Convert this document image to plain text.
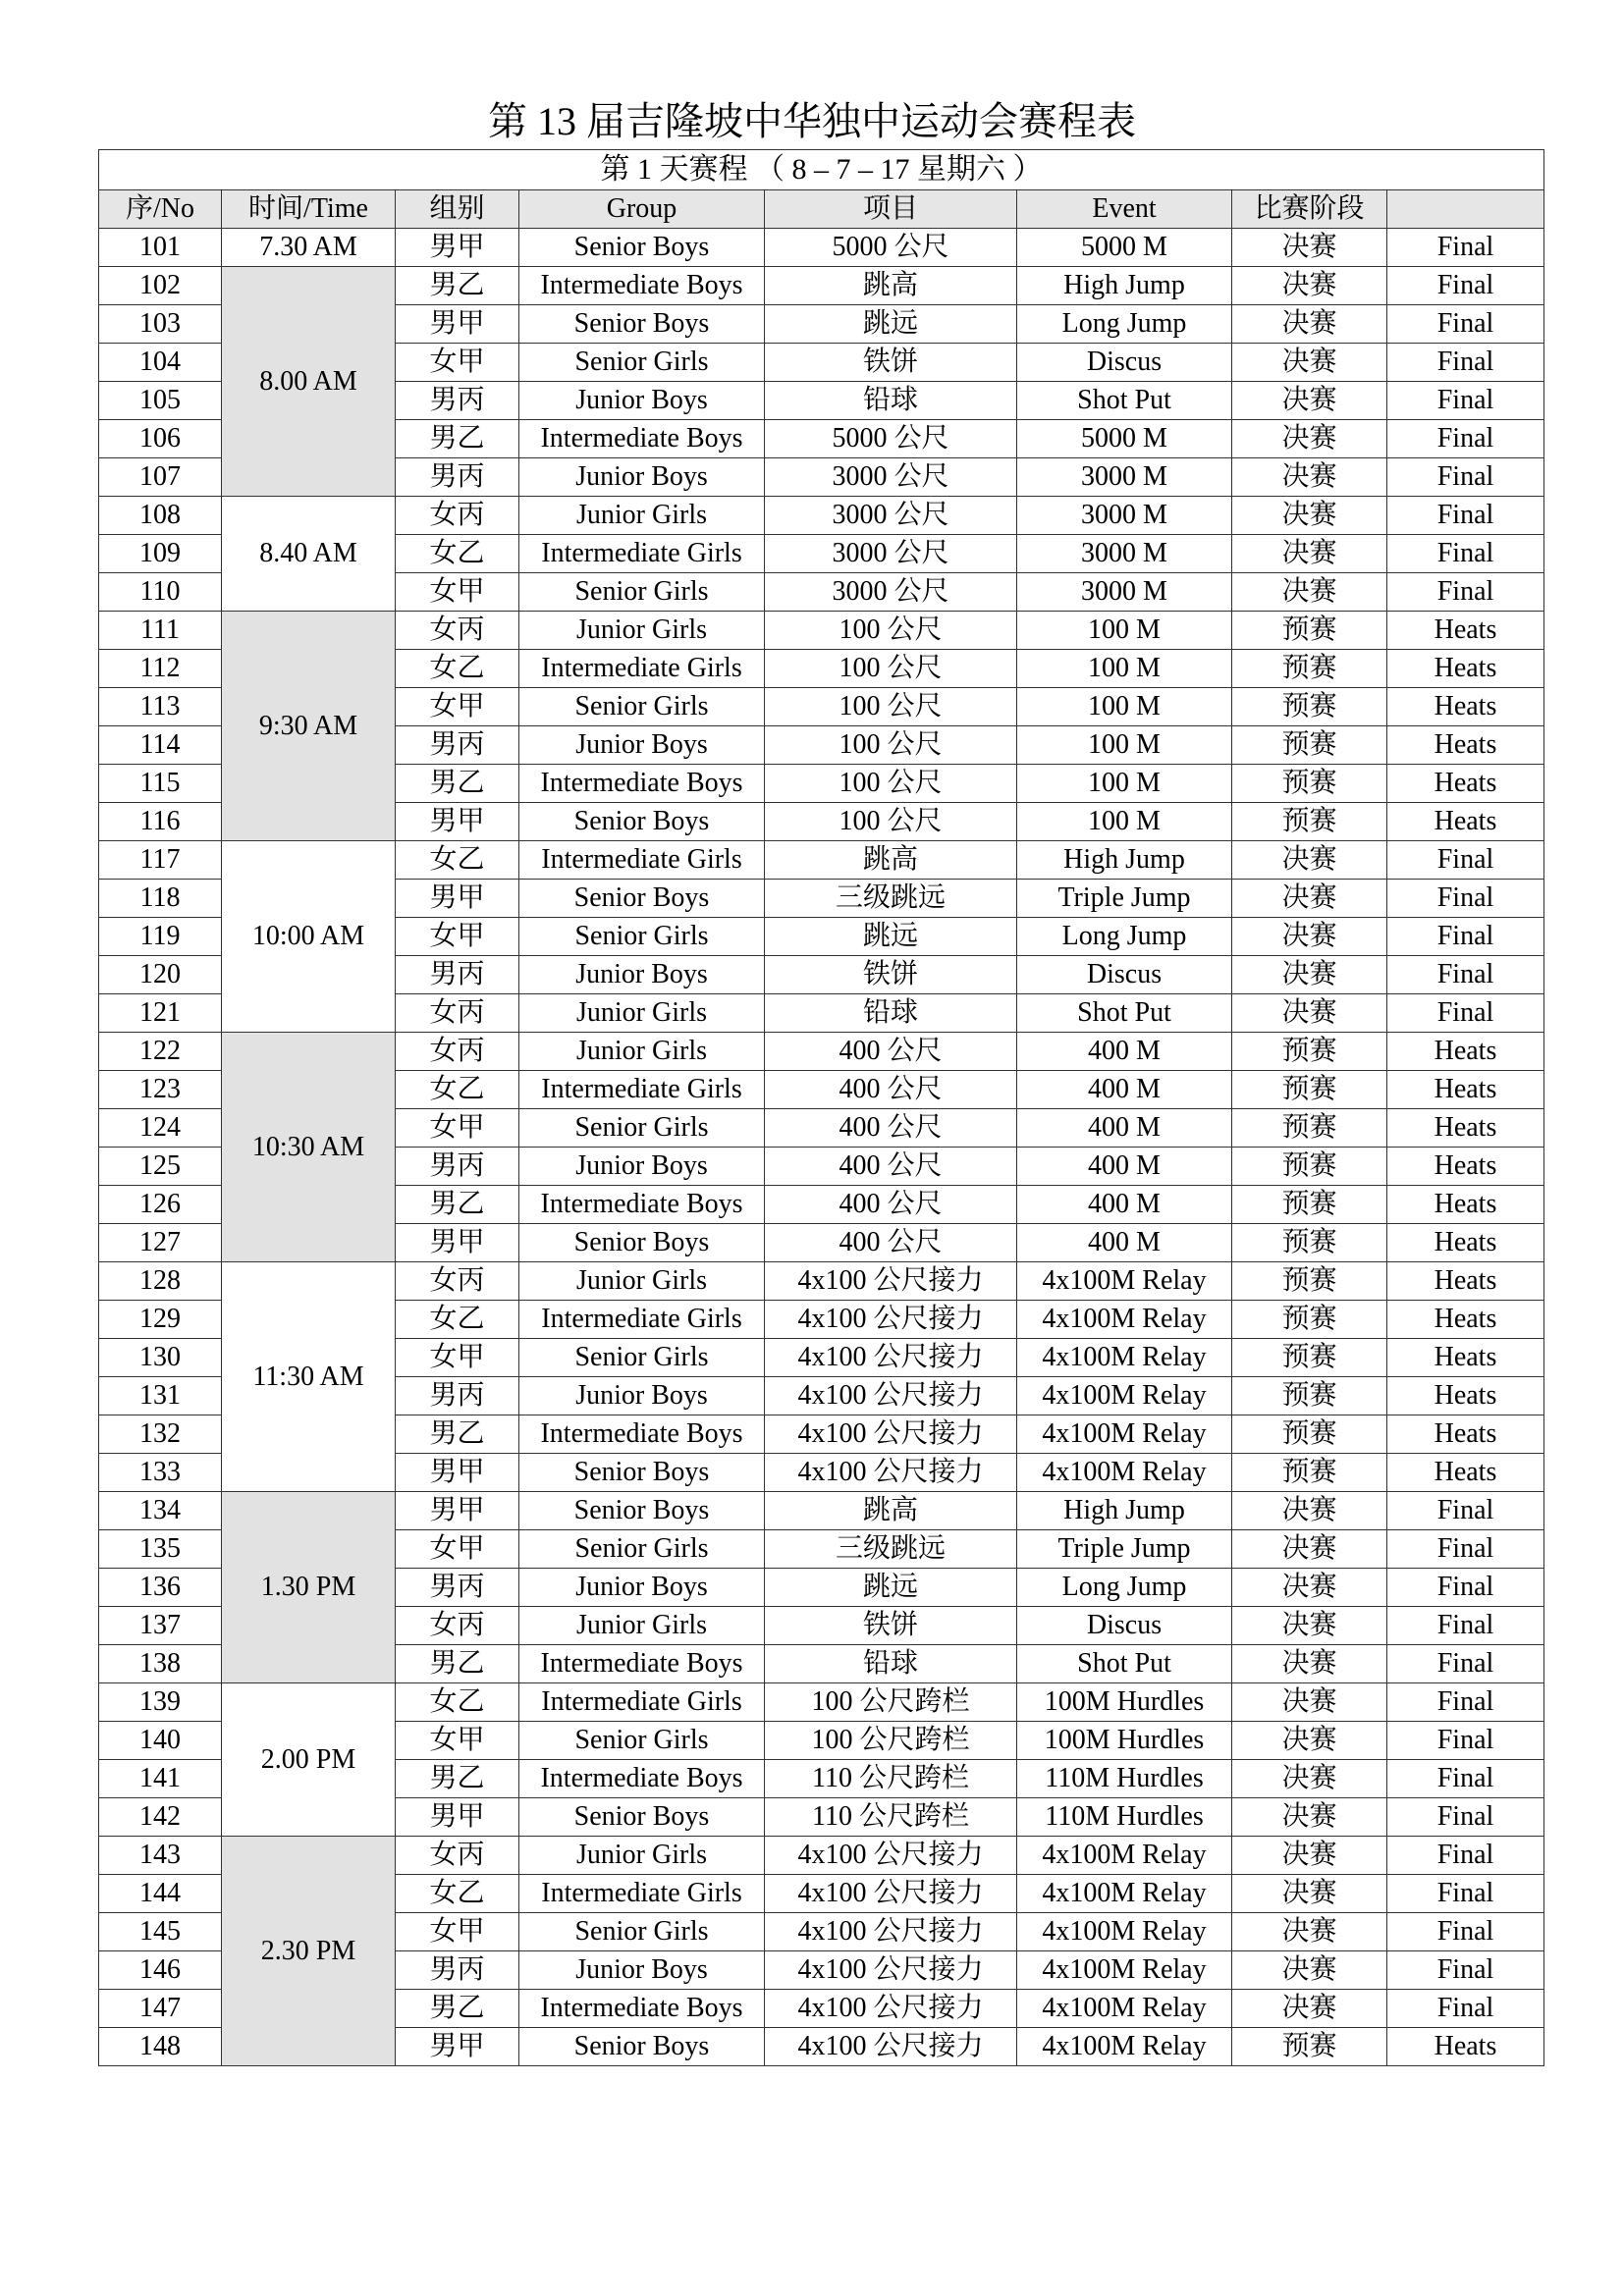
第 13 届吉隆坡中华独中运动会赛程表
第 1 天赛程 （ 8 – 7 – 17 星期六 ）							
序/No	时间/Time	组别	Group	项目	Event	比赛阶段	
101	7.30 AM	男甲	Senior Boys	5000 公尺	5000 M	决赛	Final
102	8.00 AM	男乙	Intermediate Boys	跳高	High Jump	决赛	Final
103		男甲	Senior Boys	跳远	Long Jump	决赛	Final
104		女甲	Senior Girls	铁饼	Discus	决赛	Final
105		男丙	Junior Boys	铅球	Shot Put	决赛	Final
106		男乙	Intermediate Boys	5000 公尺	5000 M	决赛	Final
107		男丙	Junior Boys	3000 公尺	3000 M	决赛	Final
108	8.40 AM	女丙	Junior Girls	3000 公尺	3000 M	决赛	Final
109		女乙	Intermediate Girls	3000 公尺	3000 M	决赛	Final
110		女甲	Senior Girls	3000 公尺	3000 M	决赛	Final
111	9:30 AM	女丙	Junior Girls	100 公尺	100 M	预赛	Heats
112		女乙	Intermediate Girls	100 公尺	100 M	预赛	Heats
113		女甲	Senior Girls	100 公尺	100 M	预赛	Heats
114		男丙	Junior Boys	100 公尺	100 M	预赛	Heats
115		男乙	Intermediate Boys	100 公尺	100 M	预赛	Heats
116		男甲	Senior Boys	100 公尺	100 M	预赛	Heats
117	10:00 AM	女乙	Intermediate Girls	跳高	High Jump	决赛	Final
118		男甲	Senior Boys	三级跳远	Triple Jump	决赛	Final
119		女甲	Senior Girls	跳远	Long Jump	决赛	Final
120		男丙	Junior Boys	铁饼	Discus	决赛	Final
121		女丙	Junior Girls	铅球	Shot Put	决赛	Final
122	10:30 AM	女丙	Junior Girls	400 公尺	400 M	预赛	Heats
123		女乙	Intermediate Girls	400 公尺	400 M	预赛	Heats
124		女甲	Senior Girls	400 公尺	400 M	预赛	Heats
125		男丙	Junior Boys	400 公尺	400 M	预赛	Heats
126		男乙	Intermediate Boys	400 公尺	400 M	预赛	Heats
127		男甲	Senior Boys	400 公尺	400 M	预赛	Heats
128	11:30 AM	女丙	Junior Girls	4x100 公尺接力	4x100M Relay	预赛	Heats
129		女乙	Intermediate Girls	4x100 公尺接力	4x100M Relay	预赛	Heats
130		女甲	Senior Girls	4x100 公尺接力	4x100M Relay	预赛	Heats
131		男丙	Junior Boys	4x100 公尺接力	4x100M Relay	预赛	Heats
132		男乙	Intermediate Boys	4x100 公尺接力	4x100M Relay	预赛	Heats
133		男甲	Senior Boys	4x100 公尺接力	4x100M Relay	预赛	Heats
134	1.30 PM	男甲	Senior Boys	跳高	High Jump	决赛	Final
135		女甲	Senior Girls	三级跳远	Triple Jump	决赛	Final
136		男丙	Junior Boys	跳远	Long Jump	决赛	Final
137		女丙	Junior Girls	铁饼	Discus	决赛	Final
138		男乙	Intermediate Boys	铅球	Shot Put	决赛	Final
139	2.00 PM	女乙	Intermediate Girls	100 公尺跨栏	100M Hurdles	决赛	Final
140		女甲	Senior Girls	100 公尺跨栏	100M Hurdles	决赛	Final
141		男乙	Intermediate Boys	110 公尺跨栏	110M Hurdles	决赛	Final
142		男甲	Senior Boys	110 公尺跨栏	110M Hurdles	决赛	Final
143	2.30 PM	女丙	Junior Girls	4x100 公尺接力	4x100M Relay	决赛	Final
144		女乙	Intermediate Girls	4x100 公尺接力	4x100M Relay	决赛	Final
145		女甲	Senior Girls	4x100 公尺接力	4x100M Relay	决赛	Final
146		男丙	Junior Boys	4x100 公尺接力	4x100M Relay	决赛	Final
147		男乙	Intermediate Boys	4x100 公尺接力	4x100M Relay	决赛	Final
148		男甲	Senior Boys	4x100 公尺接力	4x100M Relay	预赛	Heats
